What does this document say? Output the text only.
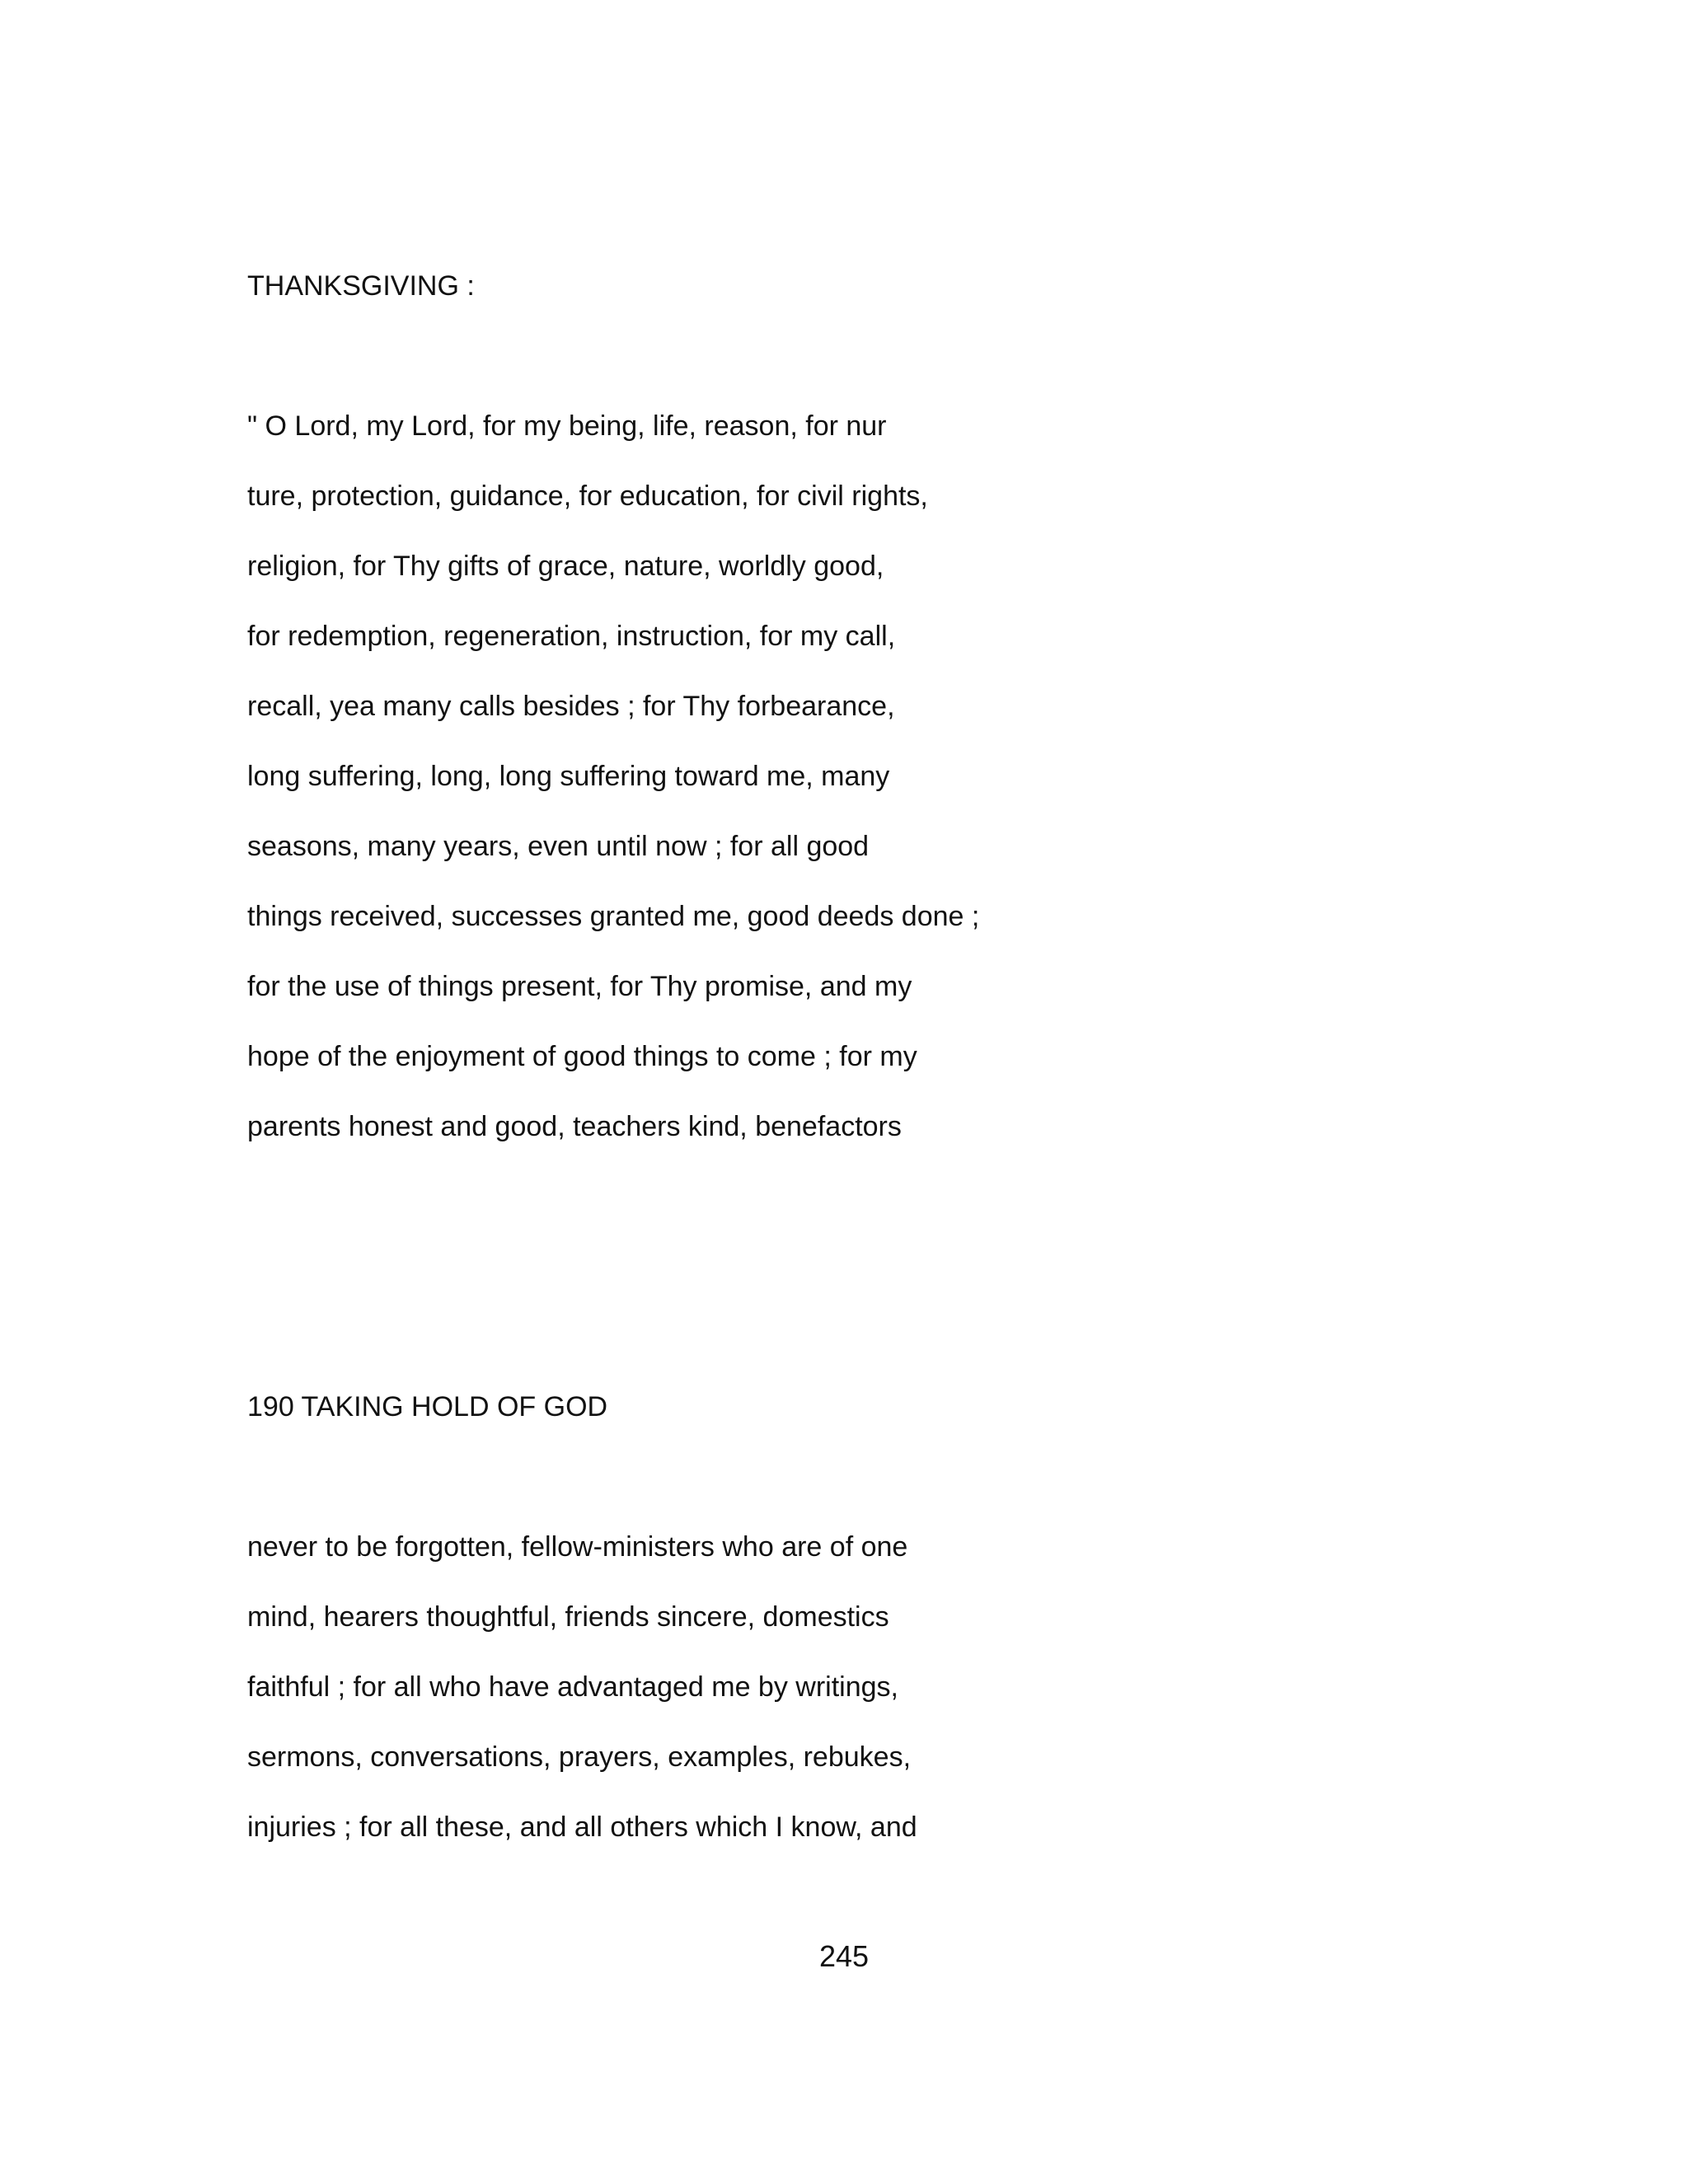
THANKSGIVING :
" O Lord, my Lord, for my being, life, reason, for nur
ture, protection, guidance, for education, for civil rights,
religion, for Thy gifts of grace, nature, worldly good,
for redemption, regeneration, instruction, for my call,
recall, yea many calls besides ; for Thy forbearance,
long suffering, long, long suffering toward me, many
seasons, many years, even until now ; for all good
things received, successes granted me, good deeds done ;
for the use of things present, for Thy promise, and my
hope of the enjoyment of good things to come ; for my
parents honest and good, teachers kind, benefactors
190 TAKING HOLD OF GOD
never to be forgotten, fellow-ministers who are of one
mind, hearers thoughtful, friends sincere, domestics
faithful ; for all who have advantaged me by writings,
sermons, conversations, prayers, examples, rebukes,
injuries ; for all these, and all others which I know, and
245
